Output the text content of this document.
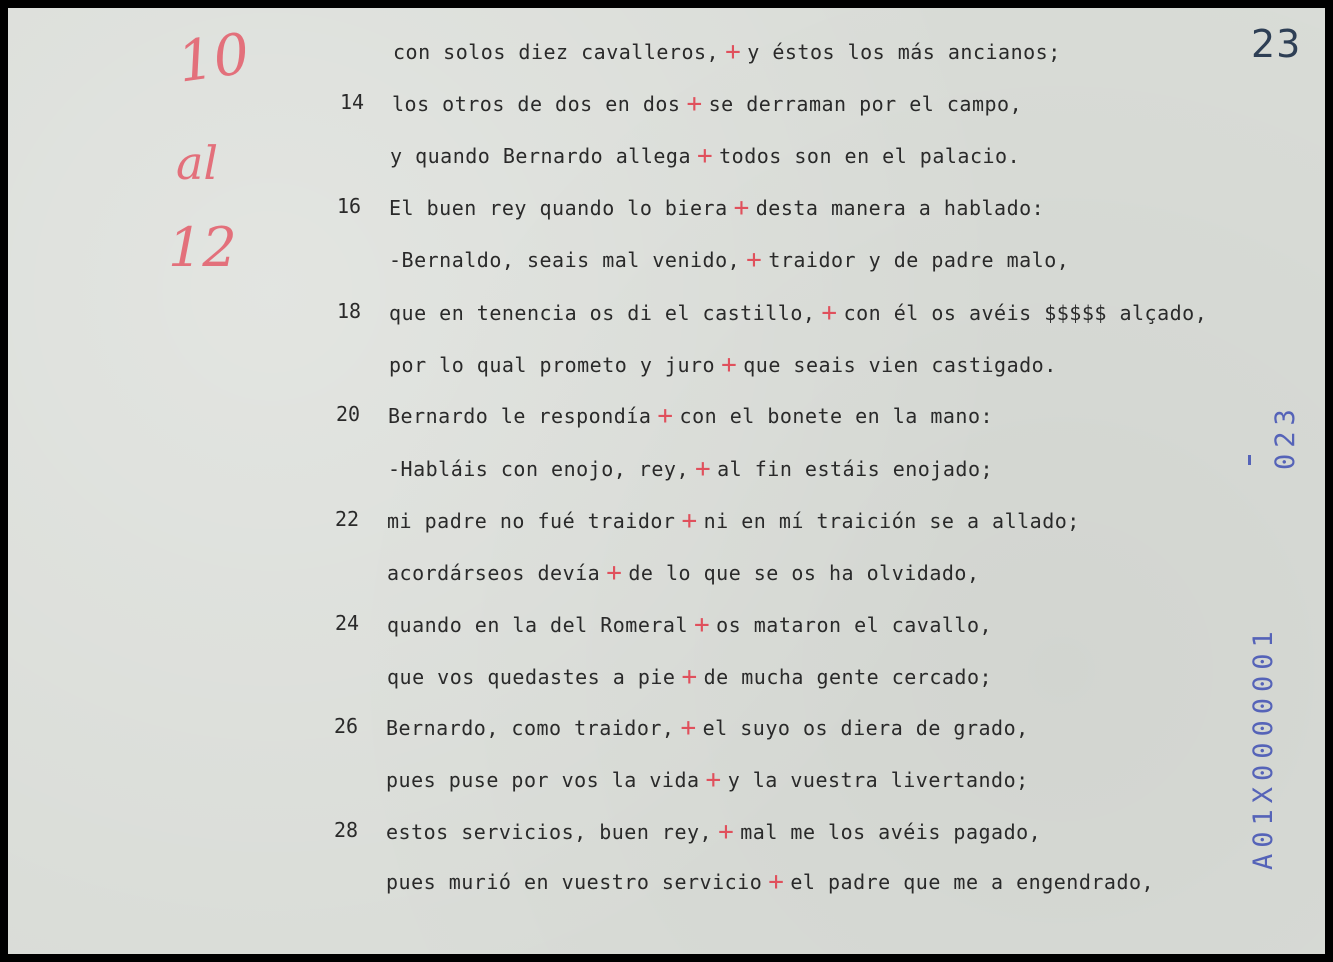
23
10
al
12
A01X0000001
023
con solos diez cavalleros, + y éstos los más ancianos;
14 los otros de dos en dos + se derraman por el campo,
y quando Bernardo allega + todos son en el palacio.
16 El buen rey quando lo biera + desta manera a hablado:
-Bernaldo, seais mal venido, + traidor y de padre malo,
18 que en tenencia os di el castillo, + con él os avéis $$$$$ alçado,
por lo qual prometo y juro + que seais vien castigado.
20 Bernardo le respondía + con el bonete en la mano:
-Habláis con enojo, rey, + al fin estáis enojado;
22 mi padre no fué traidor + ni en mí traición se a allado;
acordárseos devía + de lo que se os ha olvidado,
24 quando en la del Romeral + os mataron el cavallo,
que vos quedastes a pie + de mucha gente cercado;
26 Bernardo, como traidor, + el suyo os diera de grado,
pues puse por vos la vida + y la vuestra livertando;
28 estos servicios, buen rey, + mal me los avéis pagado,
pues murió en vuestro servicio + el padre que me a engendrado,
